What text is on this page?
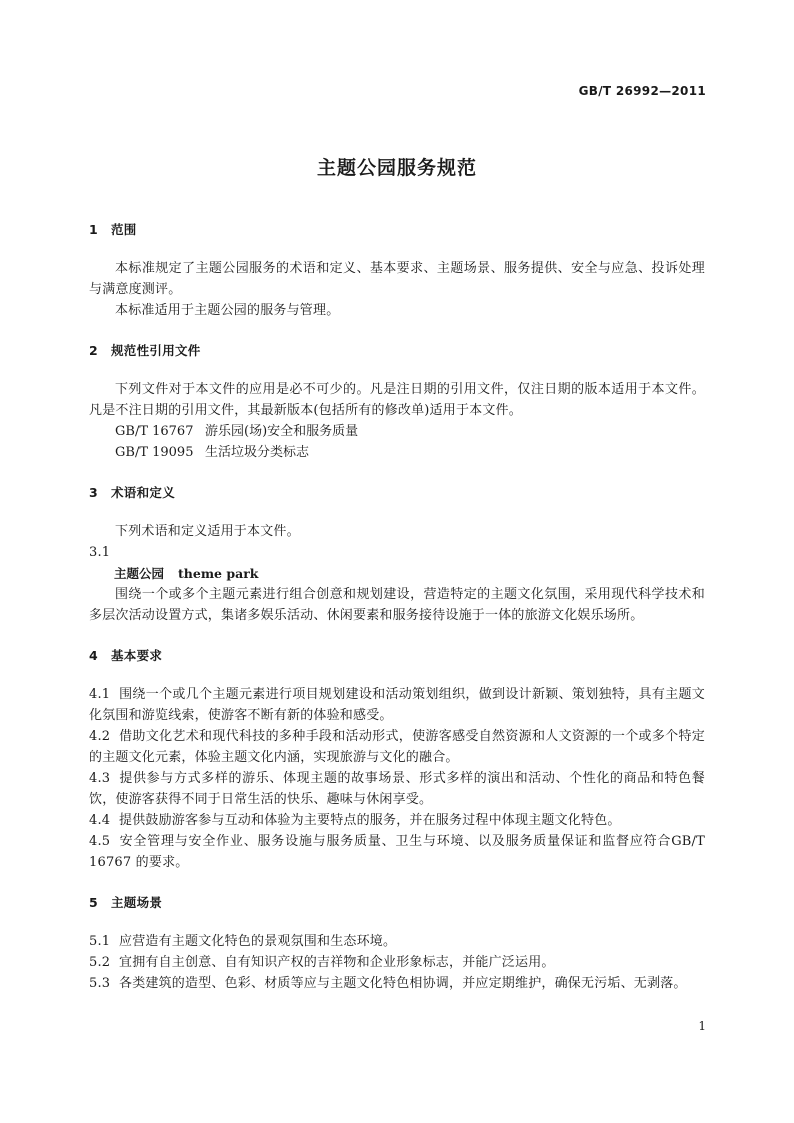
GB/T 26992—2011
主题公园服务规范

1 范围

本标准规定了主题公园服务的术语和定义、基本要求、主题场景、服务提供、安全与应急、投诉处理与满意度测评。

本标准适用于主题公园的服务与管理。

2 规范性引用文件

下列文件对于本文件的应用是必不可少的。凡是注日期的引用文件，仅注日期的版本适用于本文件。凡是不注日期的引用文件，其最新版本(包括所有的修改单)适用于本文件。

GB/T 16767 游乐园(场)安全和服务质量

GB/T 19095 生活垃圾分类标志

3 术语和定义

下列术语和定义适用于本文件。

3.1

主题公园 theme park

围绕一个或多个主题元素进行组合创意和规划建设，营造特定的主题文化氛围，采用现代科学技术和多层次活动设置方式，集诸多娱乐活动、休闲要素和服务接待设施于一体的旅游文化娱乐场所。

4 基本要求

4.1 围绕一个或几个主题元素进行项目规划建设和活动策划组织，做到设计新颖、策划独特，具有主题文化氛围和游览线索，使游客不断有新的体验和感受。

4.2 借助文化艺术和现代科技的多种手段和活动形式，使游客感受自然资源和人文资源的一个或多个特定的主题文化元素，体验主题文化内涵，实现旅游与文化的融合。

4.3 提供参与方式多样的游乐、体现主题的故事场景、形式多样的演出和活动、个性化的商品和特色餐饮，使游客获得不同于日常生活的快乐、趣味与休闲享受。

4.4 提供鼓励游客参与互动和体验为主要特点的服务，并在服务过程中体现主题文化特色。

4.5 安全管理与安全作业、服务设施与服务质量、卫生与环境、以及服务质量保证和监督应符合GB/T 16767 的要求。

5 主题场景

5.1 应营造有主题文化特色的景观氛围和生态环境。

5.2 宜拥有自主创意、自有知识产权的吉祥物和企业形象标志，并能广泛运用。

5.3 各类建筑的造型、色彩、材质等应与主题文化特色相协调，并应定期维护，确保无污垢、无剥落。

1
